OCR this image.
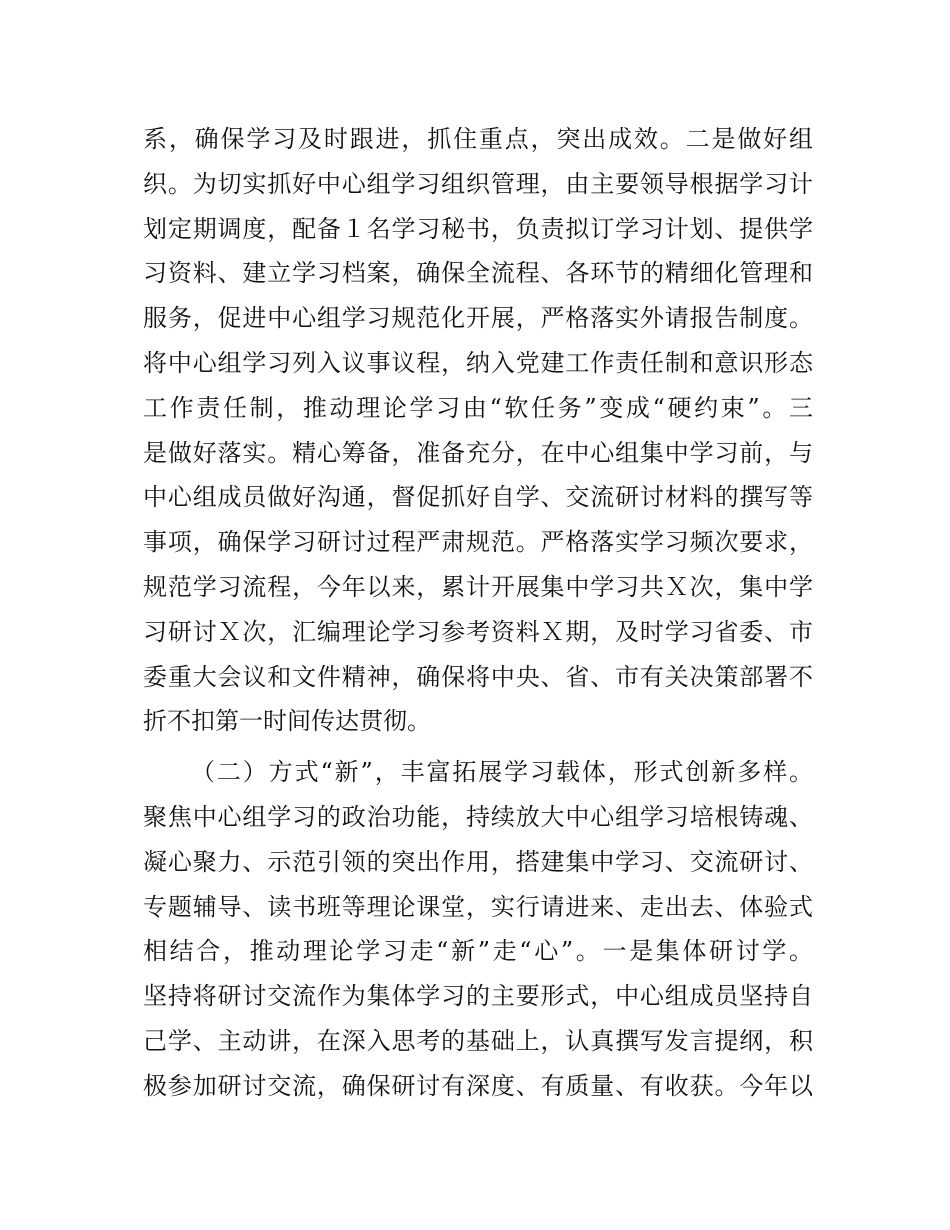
系，确保学习及时跟进，抓住重点，突出成效。二是做好组
织。为切实抓好中心组学习组织管理，由主要领导根据学习计
划定期调度，配备１名学习秘书，负责拟订学习计划、提供学
习资料、建立学习档案，确保全流程、各环节的精细化管理和
服务，促进中心组学习规范化开展，严格落实外请报告制度。
将中心组学习列入议事议程，纳入党建工作责任制和意识形态
工作责任制，推动理论学习由“软任务”变成“硬约束”。三
是做好落实。精心筹备，准备充分，在中心组集中学习前，与
中心组成员做好沟通，督促抓好自学、交流研讨材料的撰写等
事项，确保学习研讨过程严肃规范。严格落实学习频次要求，
规范学习流程，今年以来，累计开展集中学习共Ｘ次，集中学
习研讨Ｘ次，汇编理论学习参考资料Ｘ期，及时学习省委、市
委重大会议和文件精神，确保将中央、省、市有关决策部署不
折不扣第一时间传达贯彻。

（二）方式“新”，丰富拓展学习载体，形式创新多样。
聚焦中心组学习的政治功能，持续放大中心组学习培根铸魂、
凝心聚力、示范引领的突出作用，搭建集中学习、交流研讨、
专题辅导、读书班等理论课堂，实行请进来、走出去、体验式
相结合，推动理论学习走“新”走“心”。一是集体研讨学。
坚持将研讨交流作为集体学习的主要形式，中心组成员坚持自
己学、主动讲，在深入思考的基础上，认真撰写发言提纲，积
极参加研讨交流，确保研讨有深度、有质量、有收获。今年以
